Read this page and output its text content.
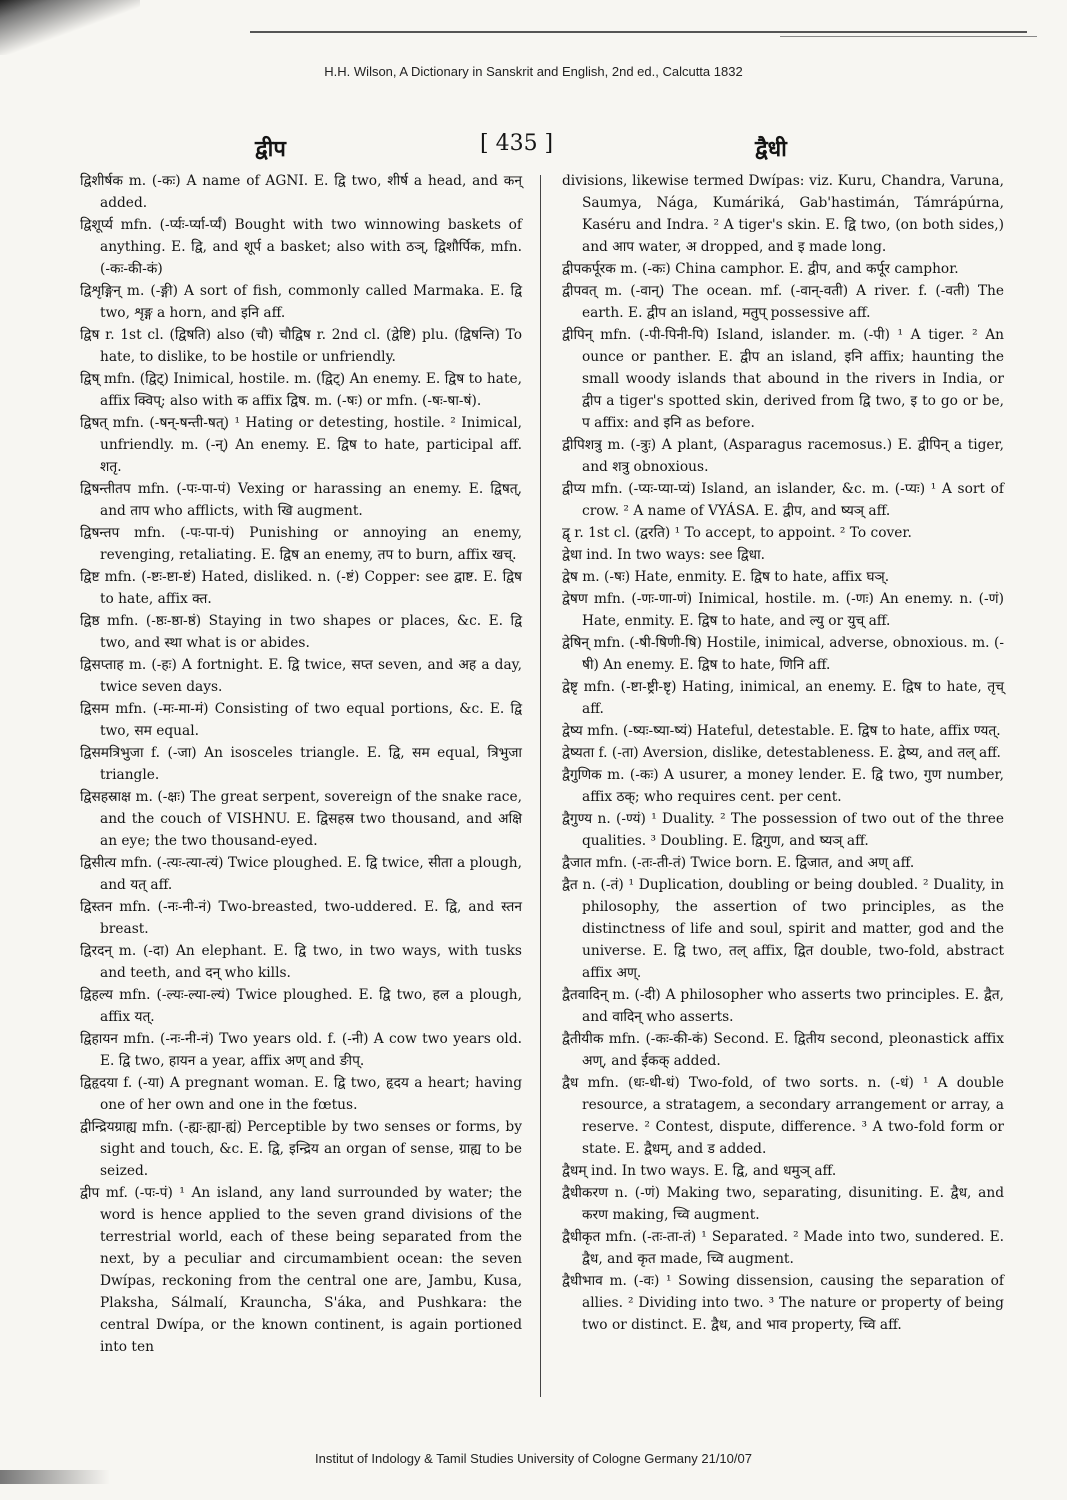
H.H. Wilson, A Dictionary in Sanskrit and English, 2nd ed., Calcutta 1832
द्वीप	[ 435 ]	द्वैधी
द्विशीर्षक m. (-कः) A name of AGNI. E. द्वि two, शीर्ष a head, and कन् added.
द्विशूर्प्य mfn. (-र्प्यः-र्प्या-र्प्यं) Bought with two winnowing baskets of anything. E. द्वि, and शूर्प a basket; also with ठञ्, द्विशौर्पिक, mfn. (-कः-की-कं)
द्विशृङ्गिन् m. (-ङ्गी) A sort of fish, commonly called Marmaka. E. द्वि two, शृङ्ग a horn, and इनि aff.
द्विष r. 1st cl. (द्विषति) also (चौ) चौद्विष r. 2nd cl. (द्वेष्टि) plu. (द्विषन्ति) To hate, to dislike, to be hostile or unfriendly.
द्विष् mfn. (द्विट्) Inimical, hostile. m. (द्विट्) An enemy. E. द्विष to hate, affix क्विप्; also with क affix द्विष. m. (-षः) or mfn. (-षः-षा-षं).
द्विषत् mfn. (-षन्-षन्ती-षत्) ¹ Hating or detesting, hostile. ² Inimical, unfriendly. m. (-न्) An enemy. E. द्विष to hate, participal aff. शतृ.
द्विषन्तीतप mfn. (-पः-पा-पं) Vexing or harassing an enemy. E. द्विषत्, and ताप who afflicts, with खि augment.
द्विषन्तप mfn. (-पः-पा-पं) Punishing or annoying an enemy, revenging, retaliating. E. द्विष an enemy, तप to burn, affix खच्.
द्विष्ट mfn. (-ष्टः-ष्टा-ष्टं) Hated, disliked. n. (-ष्टं) Copper: see द्वाष्ट. E. द्विष to hate, affix क्त.
द्विष्ठ mfn. (-ष्ठः-ष्ठा-ष्ठं) Staying in two shapes or places, &c. E. द्वि two, and स्था what is or abides.
द्विसप्ताह m. (-हः) A fortnight. E. द्वि twice, सप्त seven, and अह a day, twice seven days.
द्विसम mfn. (-मः-मा-मं) Consisting of two equal portions, &c. E. द्वि two, सम equal.
द्विसमत्रिभुजा f. (-जा) An isosceles triangle. E. द्वि, सम equal, त्रिभुजा triangle.
द्विसहस्राक्ष m. (-क्षः) The great serpent, sovereign of the snake race, and the couch of VISHNU. E. द्विसहस्र two thousand, and अक्षि an eye; the two thousand-eyed.
द्विसीत्य mfn. (-त्यः-त्या-त्यं) Twice ploughed. E. द्वि twice, सीता a plough, and यत् aff.
द्विस्तन mfn. (-नः-नी-नं) Two-breasted, two-uddered. E. द्वि, and स्तन breast.
द्विरदन् m. (-दा) An elephant. E. द्वि two, in two ways, with tusks and teeth, and दन् who kills.
द्विहल्य mfn. (-ल्यः-ल्या-ल्यं) Twice ploughed. E. द्वि two, हल a plough, affix यत्.
द्विहायन mfn. (-नः-नी-नं) Two years old. f. (-नी) A cow two years old. E. द्वि two, हायन a year, affix अण् and ङीप्.
द्विहृदया f. (-या) A pregnant woman. E. द्वि two, हृदय a heart; having one of her own and one in the fœtus.
द्वीन्द्रियग्राह्य mfn. (-ह्यः-ह्या-ह्यं) Perceptible by two senses or forms, by sight and touch, &c. E. द्वि, इन्द्रिय an organ of sense, ग्राह्य to be seized.
द्वीप mf. (-पः-पं) ¹ An island, any land surrounded by water; the word is hence applied to the seven grand divisions of the terrestrial world, each of these being separated from the next, by a peculiar and circumambient ocean: the seven Dwípas, reckoning from the central one are, Jambu, Kusa, Plaksha, Sálmalí, Krauncha, S'áka, and Pushkara: the central Dwípa, or the known continent, is again portioned into ten
divisions, likewise termed Dwípas: viz. Kuru, Chandra, Varuna, Saumya, Nága, Kumáriká, Gab'hastimán, Támrápúrna, Kaséru and Indra. ² A tiger's skin. E. द्वि two, (on both sides,) and आप water, अ dropped, and इ made long.
द्वीपकर्पूरक m. (-कः) China camphor. E. द्वीप, and कर्पूर camphor.
द्वीपवत् m. (-वान्) The ocean. mf. (-वान्-वती) A river. f. (-वती) The earth. E. द्वीप an island, मतुप् possessive aff.
द्वीपिन् mfn. (-पी-पिनी-पि) Island, islander. m. (-पी) ¹ A tiger. ² An ounce or panther. E. द्वीप an island, इनि affix; haunting the small woody islands that abound in the rivers in India, or द्वीप a tiger's spotted skin, derived from द्वि two, इ to go or be, प affix: and इनि as before.
द्वीपिशत्रु m. (-त्रुः) A plant, (Asparagus racemosus.) E. द्वीपिन् a tiger, and शत्रु obnoxious.
द्वीप्य mfn. (-प्यः-प्या-प्यं) Island, an islander, &c. m. (-प्यः) ¹ A sort of crow. ² A name of VYÁSA. E. द्वीप, and ष्यञ् aff.
द्वृ r. 1st cl. (द्वरति) ¹ To accept, to appoint. ² To cover.
द्वेधा ind. In two ways: see द्विधा.
द्वेष m. (-षः) Hate, enmity. E. द्विष to hate, affix घञ्.
द्वेषण mfn. (-णः-णा-णं) Inimical, hostile. m. (-णः) An enemy. n. (-णं) Hate, enmity. E. द्विष to hate, and ल्यु or युच् aff.
द्वेषिन् mfn. (-षी-षिणी-षि) Hostile, inimical, adverse, obnoxious. m. (-षी) An enemy. E. द्विष to hate, णिनि aff.
द्वेष्टृ mfn. (-ष्टा-ष्ट्री-ष्टृ) Hating, inimical, an enemy. E. द्विष to hate, तृच् aff.
द्वेष्य mfn. (-ष्यः-ष्या-ष्यं) Hateful, detestable. E. द्विष to hate, affix ण्यत्.
द्वेष्यता f. (-ता) Aversion, dislike, detestableness. E. द्वेष्य, and तल् aff.
द्वैगुणिक m. (-कः) A usurer, a money lender. E. द्वि two, गुण number, affix ठक्; who requires cent. per cent.
द्वैगुण्य n. (-ण्यं) ¹ Duality. ² The possession of two out of the three qualities. ³ Doubling. E. द्विगुण, and ष्यञ् aff.
द्वैजात mfn. (-तः-ती-तं) Twice born. E. द्विजात, and अण् aff.
द्वैत n. (-तं) ¹ Duplication, doubling or being doubled. ² Duality, in philosophy, the assertion of two principles, as the distinctness of life and soul, spirit and matter, god and the universe. E. द्वि two, तल् affix, द्वित double, two-fold, abstract affix अण्.
द्वैतवादिन् m. (-दी) A philosopher who asserts two principles. E. द्वैत, and वादिन् who asserts.
द्वैतीयीक mfn. (-कः-की-कं) Second. E. द्वितीय second, pleonastick affix अण्, and ईकक् added.
द्वैध mfn. (धः-धी-धं) Two-fold, of two sorts. n. (-धं) ¹ A double resource, a stratagem, a secondary arrangement or array, a reserve. ² Contest, dispute, difference. ³ A two-fold form or state. E. द्वैधम्, and ड added.
द्वैधम् ind. In two ways. E. द्वि, and धमुञ् aff.
द्वैधीकरण n. (-णं) Making two, separating, disuniting. E. द्वैध, and करण making, च्वि augment.
द्वैधीकृत mfn. (-तः-ता-तं) ¹ Separated. ² Made into two, sundered. E. द्वैध, and कृत made, च्वि augment.
द्वैधीभाव m. (-वः) ¹ Sowing dissension, causing the separation of allies. ² Dividing into two. ³ The nature or property of being two or distinct. E. द्वैध, and भाव property, च्वि aff.
Institut of Indology & Tamil Studies University of Cologne Germany 21/10/07
